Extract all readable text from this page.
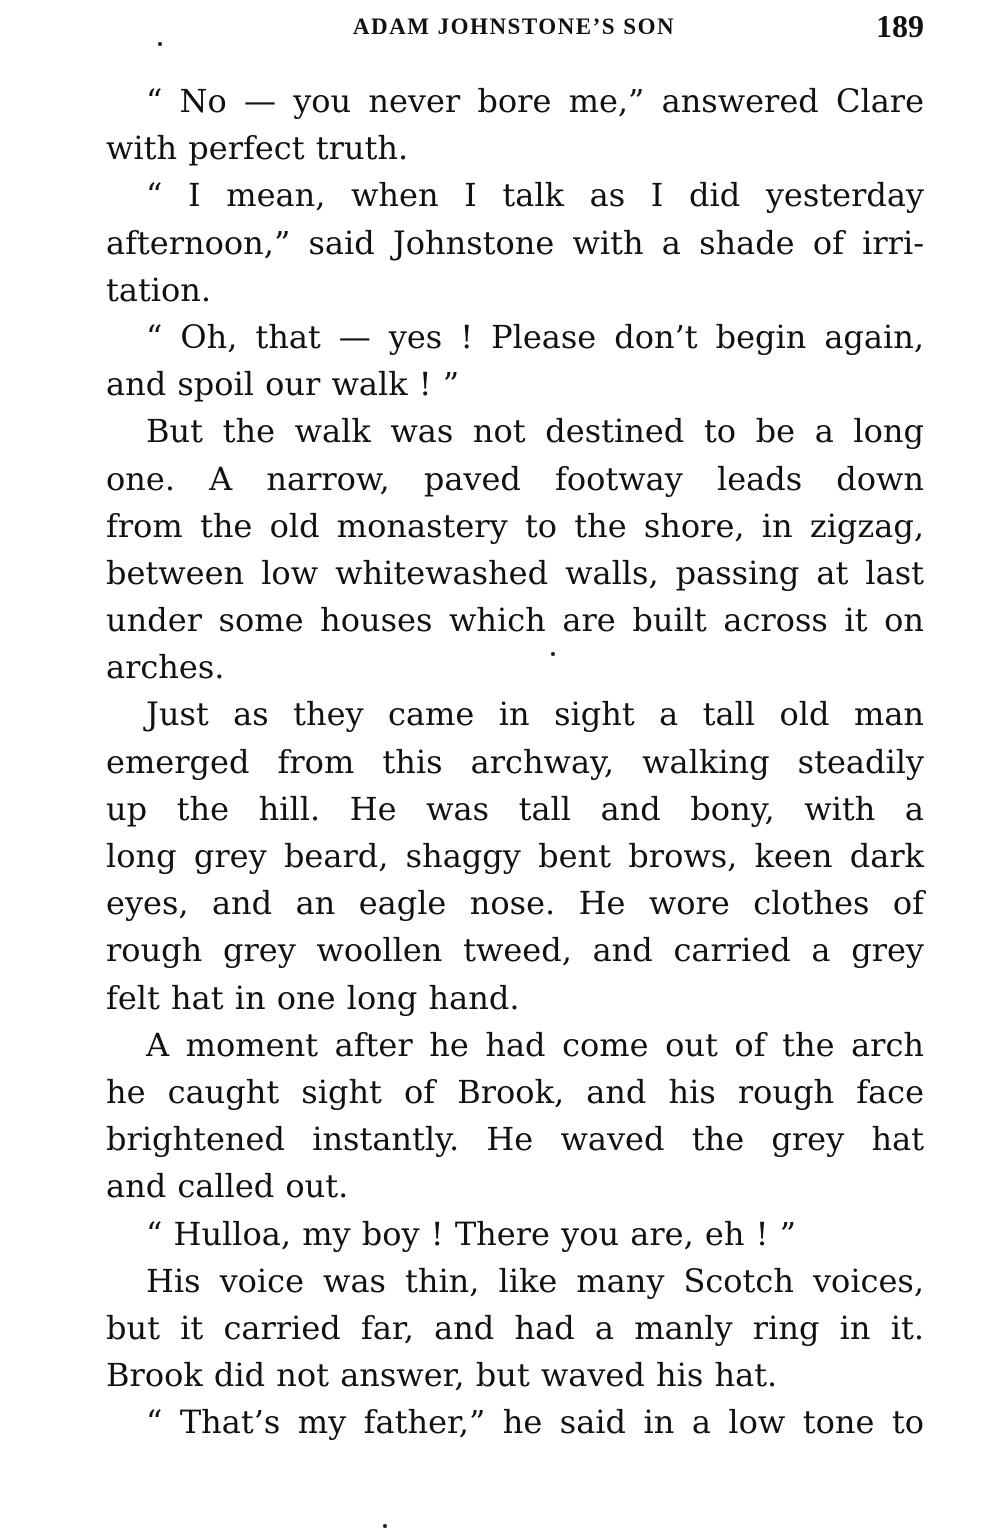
ADAM JOHNSTONE’S SON	189

“ No — you never bore me,” answered Clare
with perfect truth.

“ I mean, when I talk as I did yesterday
afternoon,” said Johnstone with a shade of irri-
tation.

“ Oh, that — yes ! Please don’t begin again,
and spoil our walk ! ”

But the walk was not destined to be a long
one. A narrow, paved footway leads down
from the old monastery to the shore, in zigzag,
between low whitewashed walls, passing at last
under some houses which are built across it on
arches.

Just as they came in sight a tall old man
emerged from this archway, walking steadily
up the hill. He was tall and bony, with a
long grey beard, shaggy bent brows, keen dark
eyes, and an eagle nose. He wore clothes of
rough grey woollen tweed, and carried a grey
felt hat in one long hand.

A moment after he had come out of the arch
he caught sight of Brook, and his rough face
brightened instantly. He waved the grey hat
and called out.

“ Hulloa, my boy ! There you are, eh ! ”

His voice was thin, like many Scotch voices,
but it carried far, and had a manly ring in it.
Brook did not answer, but waved his hat.

“ That’s my father,” he said in a low tone to
